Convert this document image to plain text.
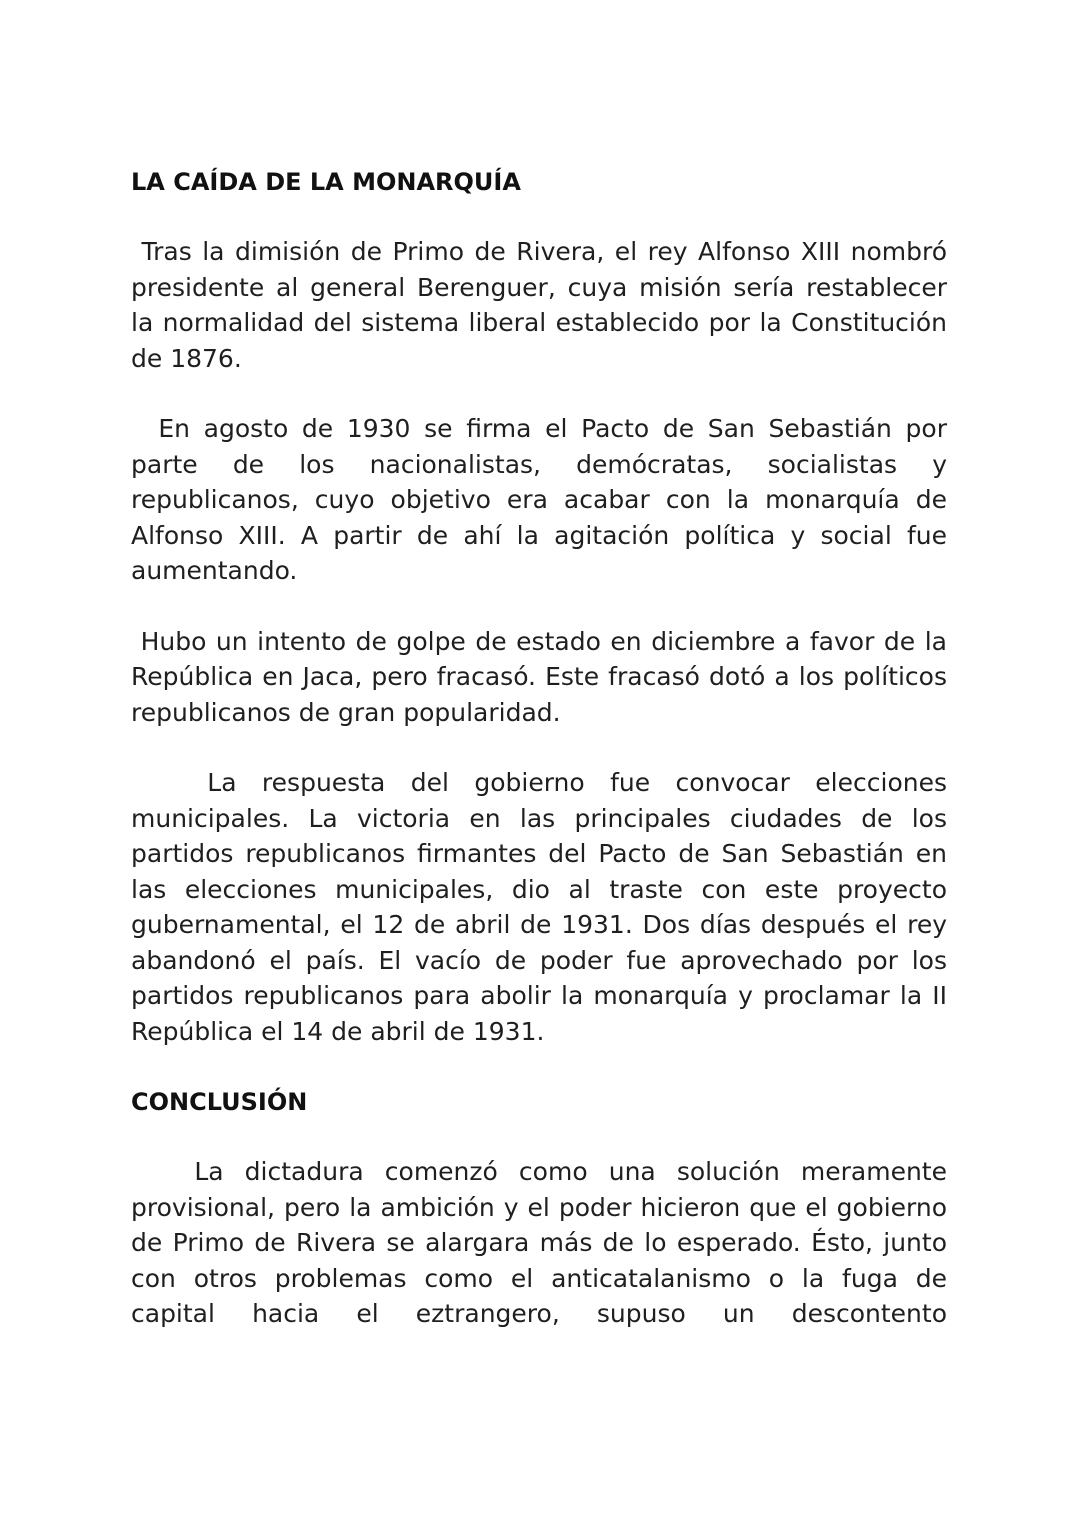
LA CAÍDA DE LA MONARQUÍA

Tras la dimisión de Primo de Rivera, el rey Alfonso XIII nombró presidente al general Berenguer, cuya misión sería restablecer la normalidad del sistema liberal establecido por la Constitución de 1876.

En agosto de 1930 se firma el Pacto de San Sebastián por parte de los nacionalistas, demócratas, socialistas y republicanos, cuyo objetivo era acabar con la monarquía de Alfonso XIII. A partir de ahí la agitación política y social fue aumentando.

Hubo un intento de golpe de estado en diciembre a favor de la República en Jaca, pero fracasó. Este fracasó dotó a los políticos republicanos de gran popularidad.

La respuesta del gobierno fue convocar elecciones municipales. La victoria en las principales ciudades de los partidos republicanos firmantes del Pacto de San Sebastián en las elecciones municipales, dio al traste con este proyecto gubernamental, el 12 de abril de 1931. Dos días después el rey abandonó el país. El vacío de poder fue aprovechado por los partidos republicanos para abolir la monarquía y proclamar la II República el 14 de abril de 1931.

CONCLUSIÓN

La dictadura comenzó como una solución meramente provisional, pero la ambición y el poder hicieron que el gobierno de Primo de Rivera se alargara más de lo esperado. Ésto, junto con otros problemas como el anticatalanismo o la fuga de capital hacia el eztrangero, supuso un descontento
